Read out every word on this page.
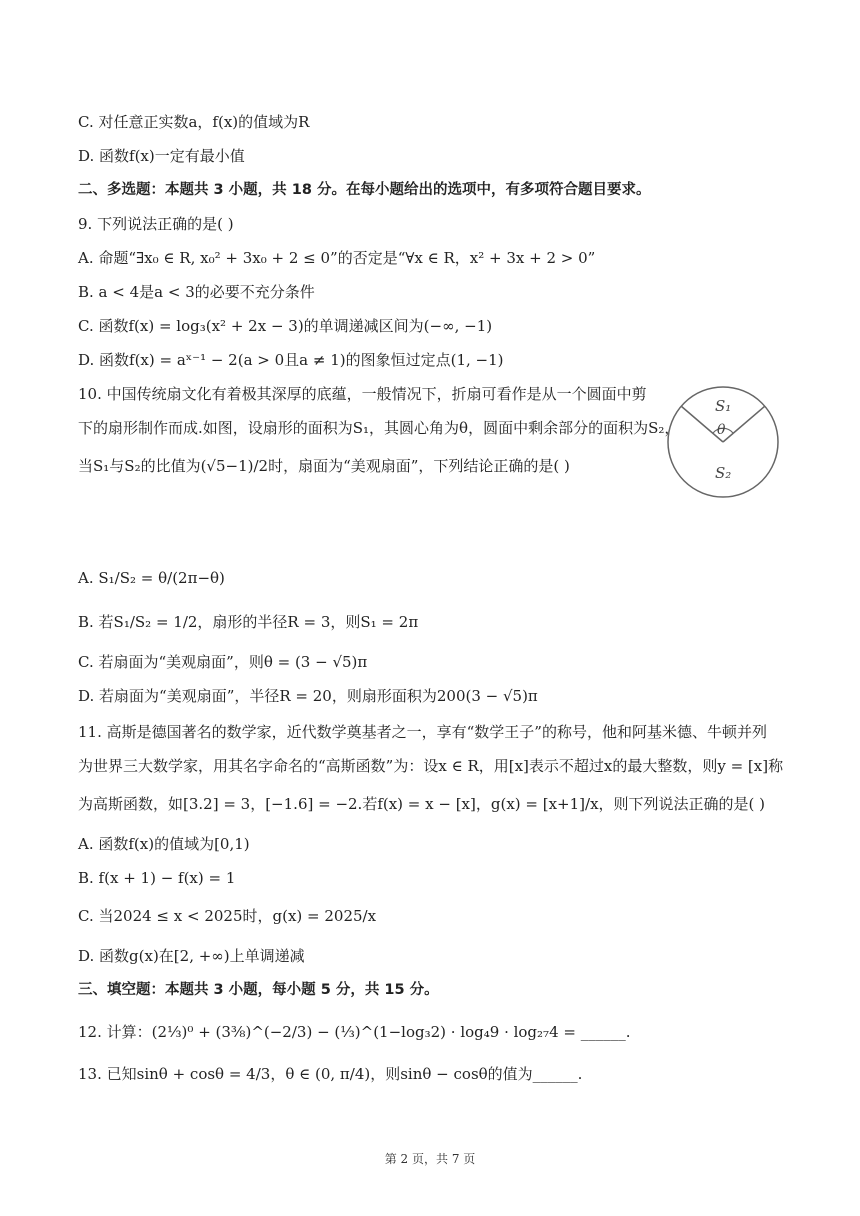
C. 对任意正实数a，f(x)的值域为R
D. 函数f(x)一定有最小值
二、多选题：本题共 3 小题，共 18 分。在每小题给出的选项中，有多项符合题目要求。
9. 下列说法正确的是( )
A. 命题“∃x₀ ∈ R, x₀² + 3x₀ + 2 ≤ 0”的否定是“∀x ∈ R，x² + 3x + 2 > 0”
B. a < 4是a < 3的必要不充分条件
C. 函数f(x) = log₃(x² + 2x − 3)的单调递减区间为(−∞, −1)
D. 函数f(x) = aˣ⁻¹ − 2(a > 0且a ≠ 1)的图象恒过定点(1, −1)
10. 中国传统扇文化有着极其深厚的底蕴，一般情况下，折扇可看作是从一个圆面中剪
下的扇形制作而成.如图，设扇形的面积为S₁，其圆心角为θ，圆面中剩余部分的面积为S₂，
当S₁与S₂的比值为(√5−1)/2时，扇面为“美观扇面”，下列结论正确的是( )
S₁
θ
S₂
A. S₁/S₂ = θ/(2π−θ)
B. 若S₁/S₂ = 1/2，扇形的半径R = 3，则S₁ = 2π
C. 若扇面为“美观扇面”，则θ = (3 − √5)π
D. 若扇面为“美观扇面”，半径R = 20，则扇形面积为200(3 − √5)π
11. 高斯是德国著名的数学家，近代数学奠基者之一，享有“数学王子”的称号，他和阿基米德、牛顿并列
为世界三大数学家，用其名字命名的“高斯函数”为：设x ∈ R，用[x]表示不超过x的最大整数，则y = [x]称
为高斯函数，如[3.2] = 3，[−1.6] = −2.若f(x) = x − [x]，g(x) = [x+1]/x，则下列说法正确的是( )
A. 函数f(x)的值域为[0,1)
B. f(x + 1) − f(x) = 1
C. 当2024 ≤ x < 2025时，g(x) = 2025/x
D. 函数g(x)在[2, +∞)上单调递减
三、填空题：本题共 3 小题，每小题 5 分，共 15 分。
12. 计算：(2⅓)⁰ + (3⅜)^(−2/3) − (⅓)^(1−log₃2) · log₄9 · log₂₇4 = ______.
13. 已知sinθ + cosθ = 4/3，θ ∈ (0, π/4)，则sinθ − cosθ的值为______.
第 2 页，共 7 页
